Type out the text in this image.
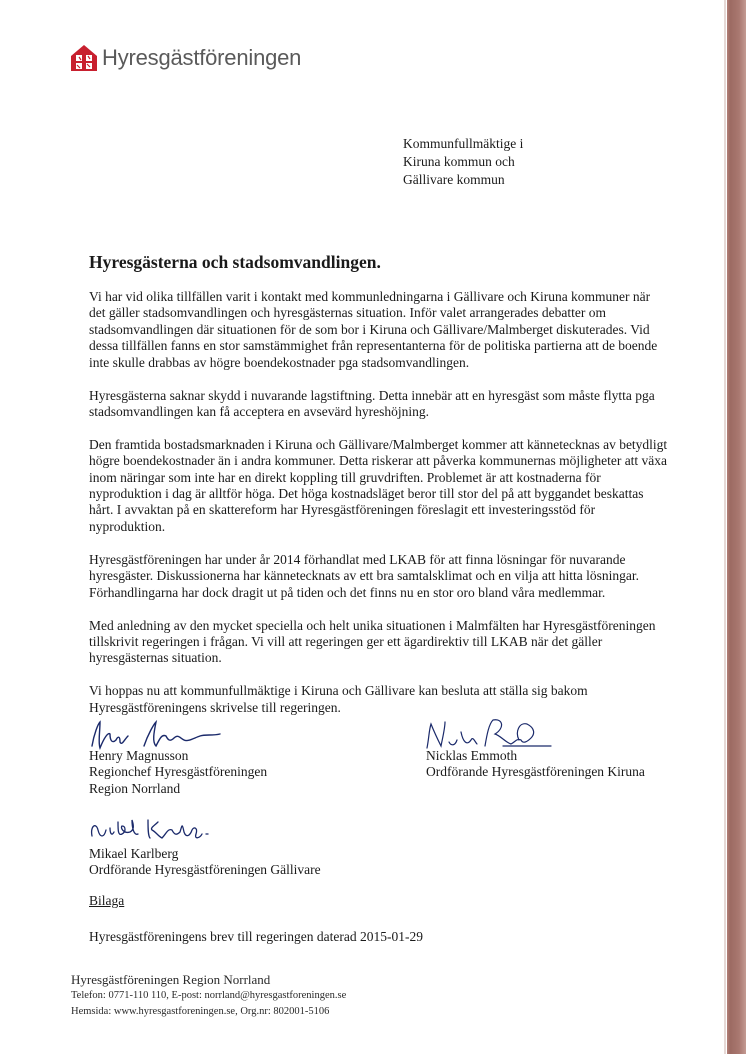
Hyresgästföreningen
Kommunfullmäktige i
Kiruna kommun och
Gällivare kommun
Hyresgästerna och stadsomvandlingen.

Vi har vid olika tillfällen varit i kontakt med kommunledningarna i Gällivare och Kiruna kommuner när det gäller stadsomvandlingen och hyresgästernas situation. Inför valet arrangerades debatter om stadsomvandlingen där situationen för de som bor i Kiruna och Gällivare/Malmberget diskuterades. Vid dessa tillfällen fanns en stor samstämmighet från representanterna för de politiska partierna att de boende inte skulle drabbas av högre boendekostnader pga stadsomvandlingen.

Hyresgästerna saknar skydd i nuvarande lagstiftning. Detta innebär att en hyresgäst som måste flytta pga stadsomvandlingen kan få acceptera en avsevärd hyreshöjning.

Den framtida bostadsmarknaden i Kiruna och Gällivare/Malmberget kommer att kännetecknas av betydligt högre boendekostnader än i andra kommuner. Detta riskerar att påverka kommunernas möjligheter att växa inom näringar som inte har en direkt koppling till gruvdriften. Problemet är att kostnaderna för nyproduktion i dag är alltför höga. Det höga kostnadsläget beror till stor del på att byggandet beskattas hårt. I avvaktan på en skattereform har Hyresgästföreningen föreslagit ett investeringsstöd för nyproduktion.

Hyresgästföreningen har under år 2014 förhandlat med LKAB för att finna lösningar för nuvarande hyresgäster. Diskussionerna har kännetecknats av ett bra samtalsklimat och en vilja att hitta lösningar. Förhandlingarna har dock dragit ut på tiden och det finns nu en stor oro bland våra medlemmar.

Med anledning av den mycket speciella och helt unika situationen i Malmfälten har Hyresgästföreningen tillskrivit regeringen i frågan. Vi vill att regeringen ger ett ägardirektiv till LKAB när det gäller hyresgästernas situation.

Vi hoppas nu att kommunfullmäktige i Kiruna och Gällivare kan besluta att ställa sig bakom Hyresgästföreningens skrivelse till regeringen.

Henry Magnusson
Regionchef Hyresgästföreningen
Region Norrland
Nicklas Emmoth
Ordförande Hyresgästföreningen Kiruna
Mikael Karlberg
Ordförande Hyresgästföreningen Gällivare
Bilaga
Hyresgästföreningens brev till regeringen daterad 2015-01-29
Hyresgästföreningen Region Norrland
Telefon: 0771-110 110, E-post: norrland@hyresgastforeningen.se
Hemsida: www.hyresgastforeningen.se, Org.nr: 802001-5106
